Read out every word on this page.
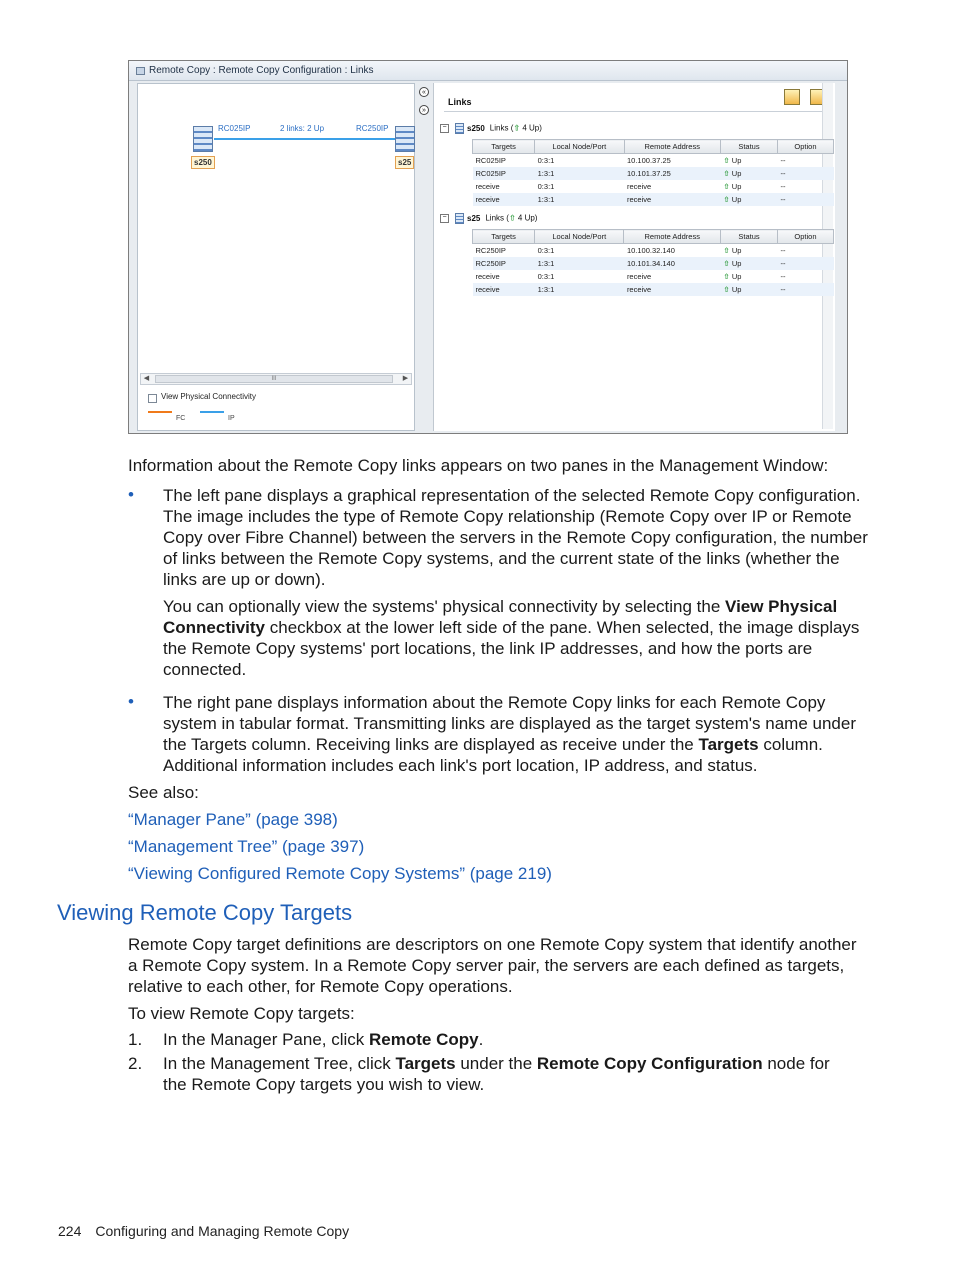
Remote Copy : Remote Copy Configuration : Links
s250	s25
RC025IP	2 links: 2 Up	RC250IP
◀	III	▶
View Physical Connectivity
FC	IP
«
»
Links
−	s250 Links (⇧ 4 Up)
Targets	Local Node/Port	Remote Address	Status	Option
RC025IP	0:3:1	10.100.37.25	⇧ Up	--
RC025IP	1:3:1	10.101.37.25	⇧ Up	--
receive	0:3:1	receive	⇧ Up	--
receive	1:3:1	receive	⇧ Up	--
−	s25 Links (⇧ 4 Up)
Targets	Local Node/Port	Remote Address	Status	Option
RC250IP	0:3:1	10.100.32.140	⇧ Up	--
RC250IP	1:3:1	10.101.34.140	⇧ Up	--
receive	0:3:1	receive	⇧ Up	--
receive	1:3:1	receive	⇧ Up	--
Information about the Remote Copy links appears on two panes in the Management Window:
• The left pane displays a graphical representation of the selected Remote Copy configuration. The image includes the type of Remote Copy relationship (Remote Copy over IP or Remote Copy over Fibre Channel) between the servers in the Remote Copy configuration, the number of links between the Remote Copy systems, and the current state of the links (whether the links are up or down).
You can optionally view the systems' physical connectivity by selecting the View Physical Connectivity checkbox at the lower left side of the pane. When selected, the image displays the Remote Copy systems' port locations, the link IP addresses, and how the ports are connected.
• The right pane displays information about the Remote Copy links for each Remote Copy system in tabular format. Transmitting links are displayed as the target system's name under the Targets column. Receiving links are displayed as receive under the Targets column. Additional information includes each link's port location, IP address, and status.
See also:
“Manager Pane” (page 398)
“Management Tree” (page 397)
“Viewing Configured Remote Copy Systems” (page 219)
Viewing Remote Copy Targets
Remote Copy target definitions are descriptors on one Remote Copy system that identify another a Remote Copy system. In a Remote Copy server pair, the servers are each defined as targets, relative to each other, for Remote Copy operations.
To view Remote Copy targets:
1. In the Manager Pane, click Remote Copy.
2. In the Management Tree, click Targets under the Remote Copy Configuration node for the Remote Copy targets you wish to view.
224 Configuring and Managing Remote Copy
